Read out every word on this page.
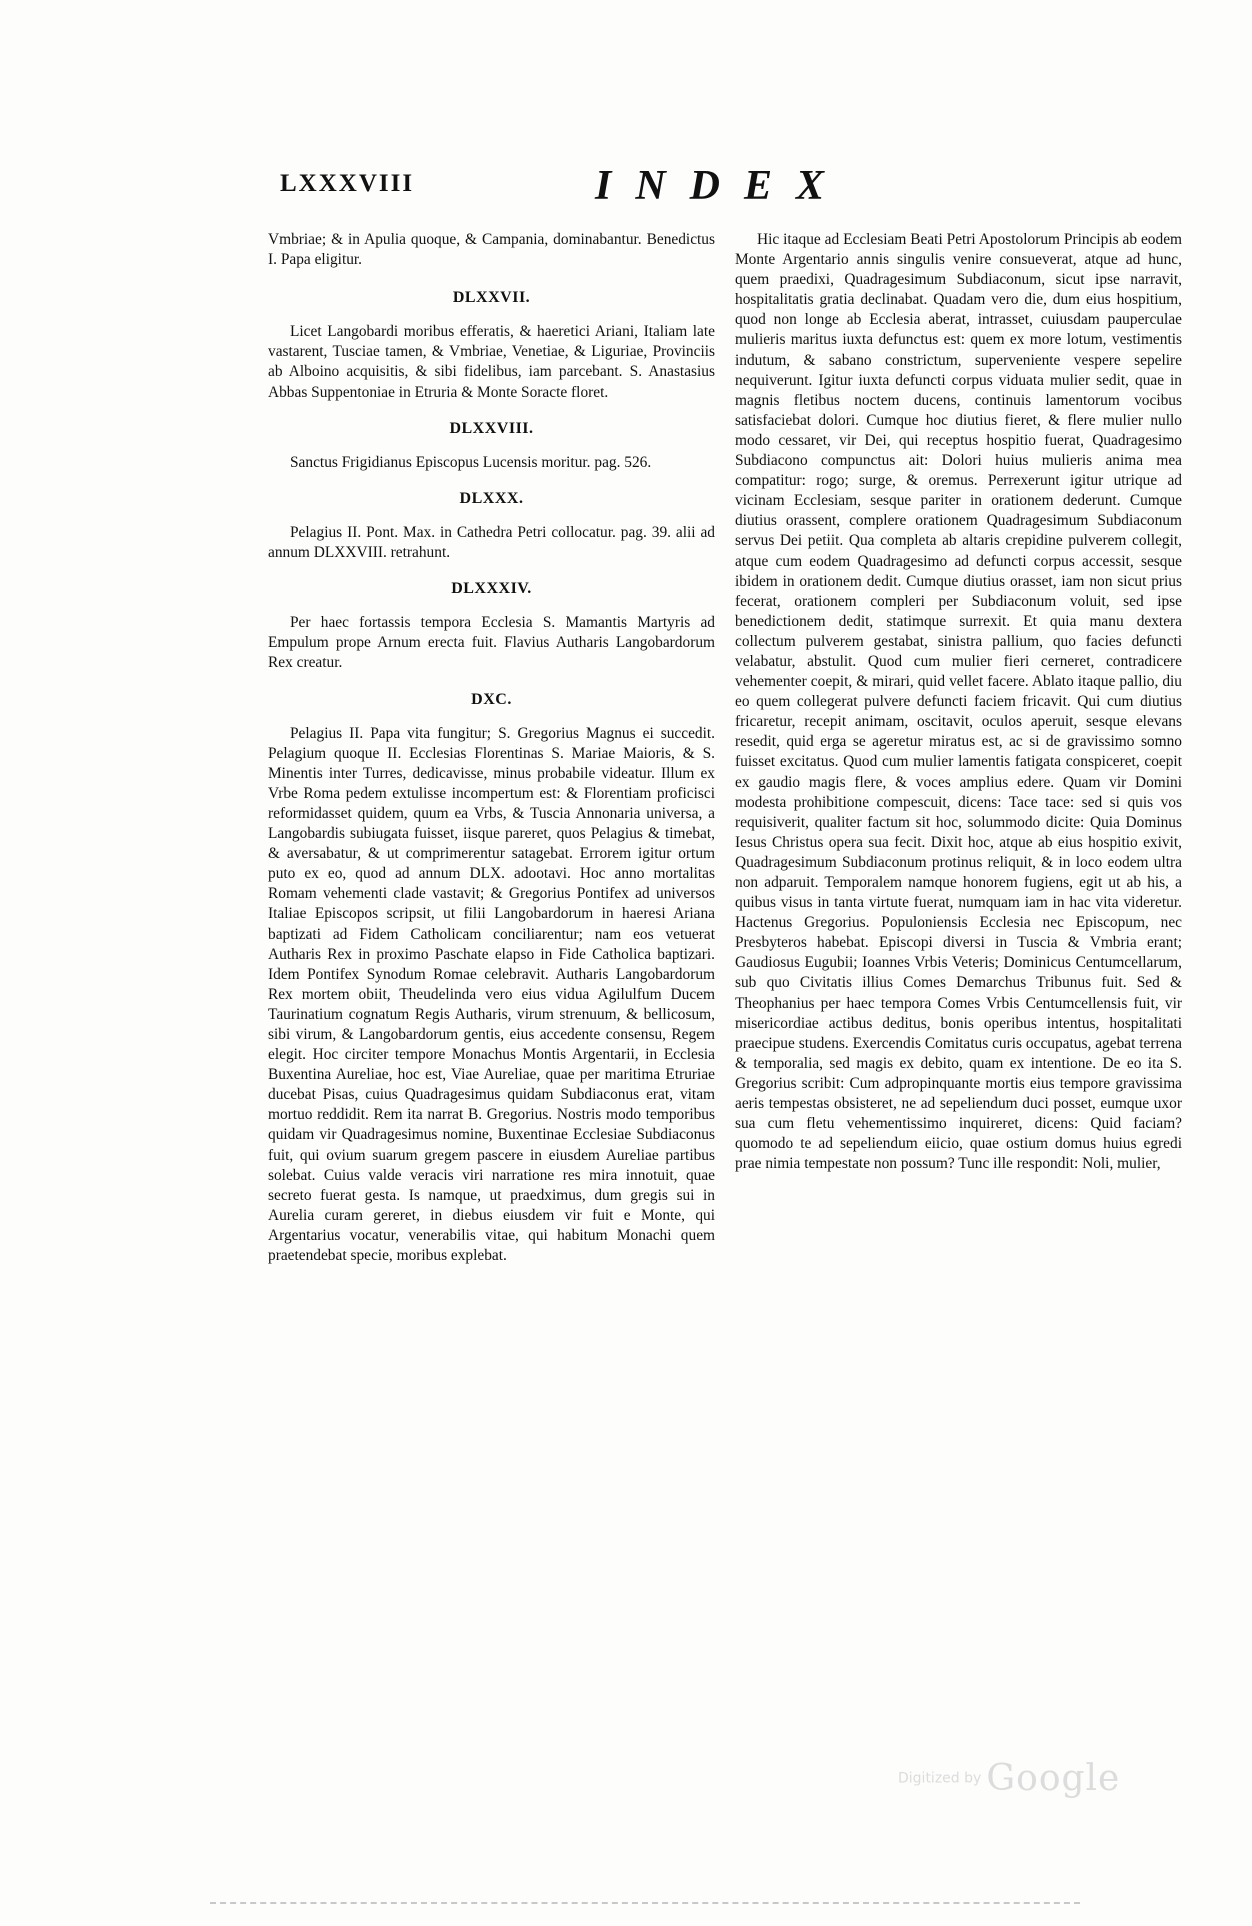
LXXXVIII	INDEX

Vmbriae; & in Apulia quoque, & Campania, dominabantur. Benedictus I. Papa eligitur.

DLXXVII.

Licet Langobardi moribus efferatis, & haeretici Ariani, Italiam late vastarent, Tusciae tamen, & Vmbriae, Venetiae, & Liguriae, Provinciis ab Alboino acquisitis, & sibi fidelibus, iam parcebant. S. Anastasius Abbas Suppentoniae in Etruria & Monte Soracte floret.

DLXXVIII.

Sanctus Frigidianus Episcopus Lucensis moritur. pag. 526.

DLXXX.

Pelagius II. Pont. Max. in Cathedra Petri collocatur. pag. 39. alii ad annum DLXXVIII. retrahunt.

DLXXXIV.

Per haec fortassis tempora Ecclesia S. Mamantis Martyris ad Empulum prope Arnum erecta fuit. Flavius Autharis Langobardorum Rex creatur.

DXC.

Pelagius II. Papa vita fungitur; S. Gregorius Magnus ei succedit. Pelagium quoque II. Ecclesias Florentinas S. Mariae Maioris, & S. Minentis inter Turres, dedicavisse, minus probabile videatur. Illum ex Vrbe Roma pedem extulisse incompertum est: & Florentiam proficisci reformidasset quidem, quum ea Vrbs, & Tuscia Annonaria universa, a Langobardis subiugata fuisset, iisque pareret, quos Pelagius & timebat, & aversabatur, & ut comprimerentur satagebat. Errorem igitur ortum puto ex eo, quod ad annum DLX. adootavi. Hoc anno mortalitas Romam vehementi clade vastavit; & Gregorius Pontifex ad universos Italiae Episcopos scripsit, ut filii Langobardorum in haeresi Ariana baptizati ad Fidem Catholicam conciliarentur; nam eos vetuerat Autharis Rex in proximo Paschate elapso in Fide Catholica baptizari. Idem Pontifex Synodum Romae celebravit. Autharis Langobardorum Rex mortem obiit, Theudelinda vero eius vidua Agilulfum Ducem Taurinatium cognatum Regis Autharis, virum strenuum, & bellicosum, sibi virum, & Langobardorum gentis, eius accedente consensu, Regem elegit. Hoc circiter tempore Monachus Montis Argentarii, in Ecclesia Buxentina Aureliae, hoc est, Viae Aureliae, quae per maritima Etruriae ducebat Pisas, cuius Quadragesimus quidam Subdiaconus erat, vitam mortuo reddidit. Rem ita narrat B. Gregorius. Nostris modo temporibus quidam vir Quadragesimus nomine, Buxentinae Ecclesiae Subdiaconus fuit, qui ovium suarum gregem pascere in eiusdem Aureliae partibus solebat. Cuius valde veracis viri narratione res mira innotuit, quae secreto fuerat gesta. Is namque, ut praedximus, dum gregis sui in Aurelia curam gereret, in diebus eiusdem vir fuit e Monte, qui Argentarius vocatur, venerabilis vitae, qui habitum Monachi quem praetendebat specie, moribus explebat.

Hic itaque ad Ecclesiam Beati Petri Apostolorum Principis ab eodem Monte Argentario annis singulis venire consueverat, atque ad hunc, quem praedixi, Quadragesimum Subdiaconum, sicut ipse narravit, hospitalitatis gratia declinabat. Quadam vero die, dum eius hospitium, quod non longe ab Ecclesia aberat, intrasset, cuiusdam pauperculae mulieris maritus iuxta defunctus est: quem ex more lotum, vestimentis indutum, & sabano constrictum, superveniente vespere sepelire nequiverunt. Igitur iuxta defuncti corpus viduata mulier sedit, quae in magnis fletibus noctem ducens, continuis lamentorum vocibus satisfaciebat dolori. Cumque hoc diutius fieret, & flere mulier nullo modo cessaret, vir Dei, qui receptus hospitio fuerat, Quadragesimo Subdiacono compunctus ait: Dolori huius mulieris anima mea compatitur: rogo; surge, & oremus. Perrexerunt igitur utrique ad vicinam Ecclesiam, sesque pariter in orationem dederunt. Cumque diutius orassent, complere orationem Quadragesimum Subdiaconum servus Dei petiit. Qua completa ab altaris crepidine pulverem collegit, atque cum eodem Quadragesimo ad defuncti corpus accessit, sesque ibidem in orationem dedit. Cumque diutius orasset, iam non sicut prius fecerat, orationem compleri per Subdiaconum voluit, sed ipse benedictionem dedit, statimque surrexit. Et quia manu dextera collectum pulverem gestabat, sinistra pallium, quo facies defuncti velabatur, abstulit. Quod cum mulier fieri cerneret, contradicere vehementer coepit, & mirari, quid vellet facere. Ablato itaque pallio, diu eo quem collegerat pulvere defuncti faciem fricavit. Qui cum diutius fricaretur, recepit animam, oscitavit, oculos aperuit, sesque elevans resedit, quid erga se ageretur miratus est, ac si de gravissimo somno fuisset excitatus. Quod cum mulier lamentis fatigata conspiceret, coepit ex gaudio magis flere, & voces amplius edere. Quam vir Domini modesta prohibitione compescuit, dicens: Tace tace: sed si quis vos requisiverit, qualiter factum sit hoc, solummodo dicite: Quia Dominus Iesus Christus opera sua fecit. Dixit hoc, atque ab eius hospitio exivit, Quadragesimum Subdiaconum protinus reliquit, & in loco eodem ultra non adparuit. Temporalem namque honorem fugiens, egit ut ab his, a quibus visus in tanta virtute fuerat, numquam iam in hac vita videretur. Hactenus Gregorius. Populoniensis Ecclesia nec Episcopum, nec Presbyteros habebat. Episcopi diversi in Tuscia & Vmbria erant; Gaudiosus Eugubii; Ioannes Vrbis Veteris; Dominicus Centumcellarum, sub quo Civitatis illius Comes Demarchus Tribunus fuit. Sed & Theophanius per haec tempora Comes Vrbis Centumcellensis fuit, vir misericordiae actibus deditus, bonis operibus intentus, hospitalitati praecipue studens. Exercendis Comitatus curis occupatus, agebat terrena & temporalia, sed magis ex debito, quam ex intentione. De eo ita S. Gregorius scribit: Cum adpropinquante mortis eius tempore gravissima aeris tempestas obsisteret, ne ad sepeliendum duci posset, eumque uxor sua cum fletu vehementissimo inquireret, dicens: Quid faciam? quomodo te ad sepeliendum eiicio, quae ostium domus huius egredi prae nimia tempestate non possum? Tunc ille respondit: Noli, mulier,

Digitized by Google
